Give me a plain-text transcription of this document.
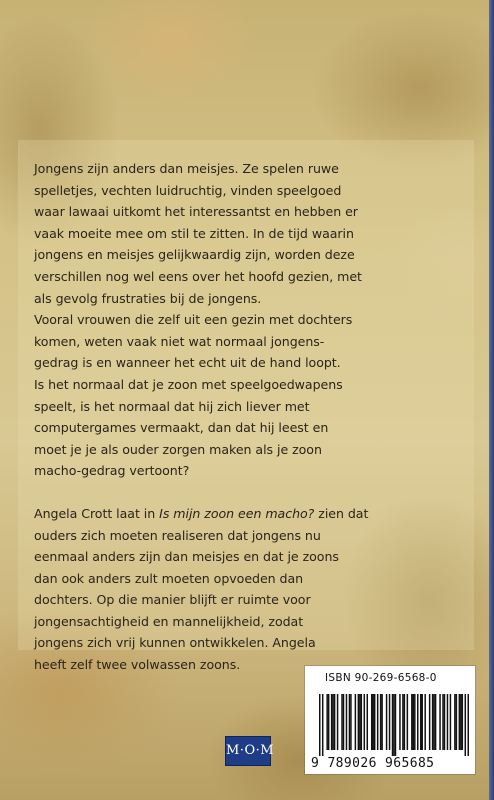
Jongens zijn anders dan meisjes. Ze spelen ruwe

spelletjes, vechten luidruchtig, vinden speelgoed

waar lawaai uitkomt het interessantst en hebben er

vaak moeite mee om stil te zitten. In de tijd waarin

jongens en meisjes gelijkwaardig zijn, worden deze

verschillen nog wel eens over het hoofd gezien, met

als gevolg frustraties bij de jongens.

Vooral vrouwen die zelf uit een gezin met dochters

komen, weten vaak niet wat normaal jongens-

gedrag is en wanneer het echt uit de hand loopt.

Is het normaal dat je zoon met speelgoedwapens

speelt, is het normaal dat hij zich liever met

computergames vermaakt, dan dat hij leest en

moet je je als ouder zorgen maken als je zoon

macho-gedrag vertoont?

Angela Crott laat in Is mijn zoon een macho? zien dat

ouders zich moeten realiseren dat jongens nu

eenmaal anders zijn dan meisjes en dat je zoons

dan ook anders zult moeten opvoeden dan

dochters. Op die manier blijft er ruimte voor

jongensachtigheid en mannelijkheid, zodat

jongens zich vrij kunnen ontwikkelen. Angela

heeft zelf twee volwassen zoons.

ISBN 90-269-6568-0
9 789026 965685
M·O·M
